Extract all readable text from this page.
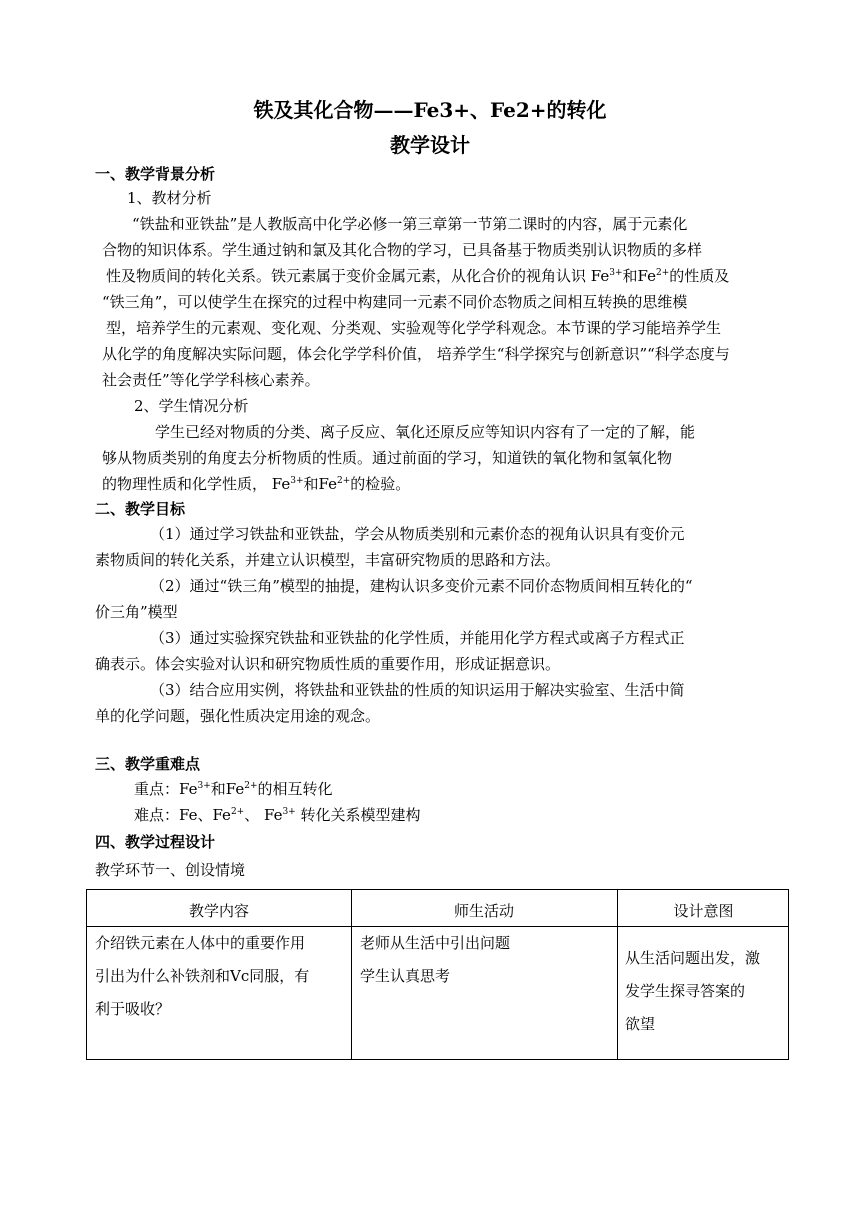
铁及其化合物——Fe3+、Fe2+的转化
教学设计
一、教学背景分析
1、教材分析
“铁盐和亚铁盐”是人教版高中化学必修一第三章第一节第二课时的内容，属于元素化
合物的知识体系。学生通过钠和氯及其化合物的学习，已具备基于物质类别认识物质的多样
性及物质间的转化关系。铁元素属于变价金属元素，从化合价的视角认识 $Fe^{3+}$和$Fe^{2+}$的性质及
“铁三角”，可以使学生在探究的过程中构建同一元素不同价态物质之间相互转换的思维模
型，培养学生的元素观、变化观、分类观、实验观等化学学科观念。本节课的学习能培养学生
从化学的角度解决实际问题，体会化学学科价值， 培养学生“科学探究与创新意识”“科学态度与
社会责任”等化学学科核心素养。
2、学生情况分析
学生已经对物质的分类、离子反应、氧化还原反应等知识内容有了一定的了解，能
够从物质类别的角度去分析物质的性质。通过前面的学习，知道铁的氧化物和氢氧化物
的物理性质和化学性质， $Fe^{3+}$和$Fe^{2+}$的检验。
二、教学目标
（1）通过学习铁盐和亚铁盐，学会从物质类别和元素价态的视角认识具有变价元
素物质间的转化关系，并建立认识模型，丰富研究物质的思路和方法。
（2）通过“铁三角”模型的抽提，建构认识多变价元素不同价态物质间相互转化的“
价三角”模型
（3）通过实验探究铁盐和亚铁盐的化学性质，并能用化学方程式或离子方程式正
确表示。体会实验对认识和研究物质性质的重要作用，形成证据意识。
（3）结合应用实例，将铁盐和亚铁盐的性质的知识运用于解决实验室、生活中简
单的化学问题，强化性质决定用途的观念。
三、教学重难点
重点：$Fe^{3+}$和$Fe^{2+}$的相互转化
难点：Fe、$Fe^{2+}$、 $Fe^{3+}$ 转化关系模型建构
四、教学过程设计
教学环节一、创设情境
教学内容	师生活动	设计意图
介绍铁元素在人体中的重要作用
引出为什么补铁剂和Vc同服，有
利于吸收？
老师从生活中引出问题
学生认真思考
从生活问题出发，激
发学生探寻答案的
欲望
